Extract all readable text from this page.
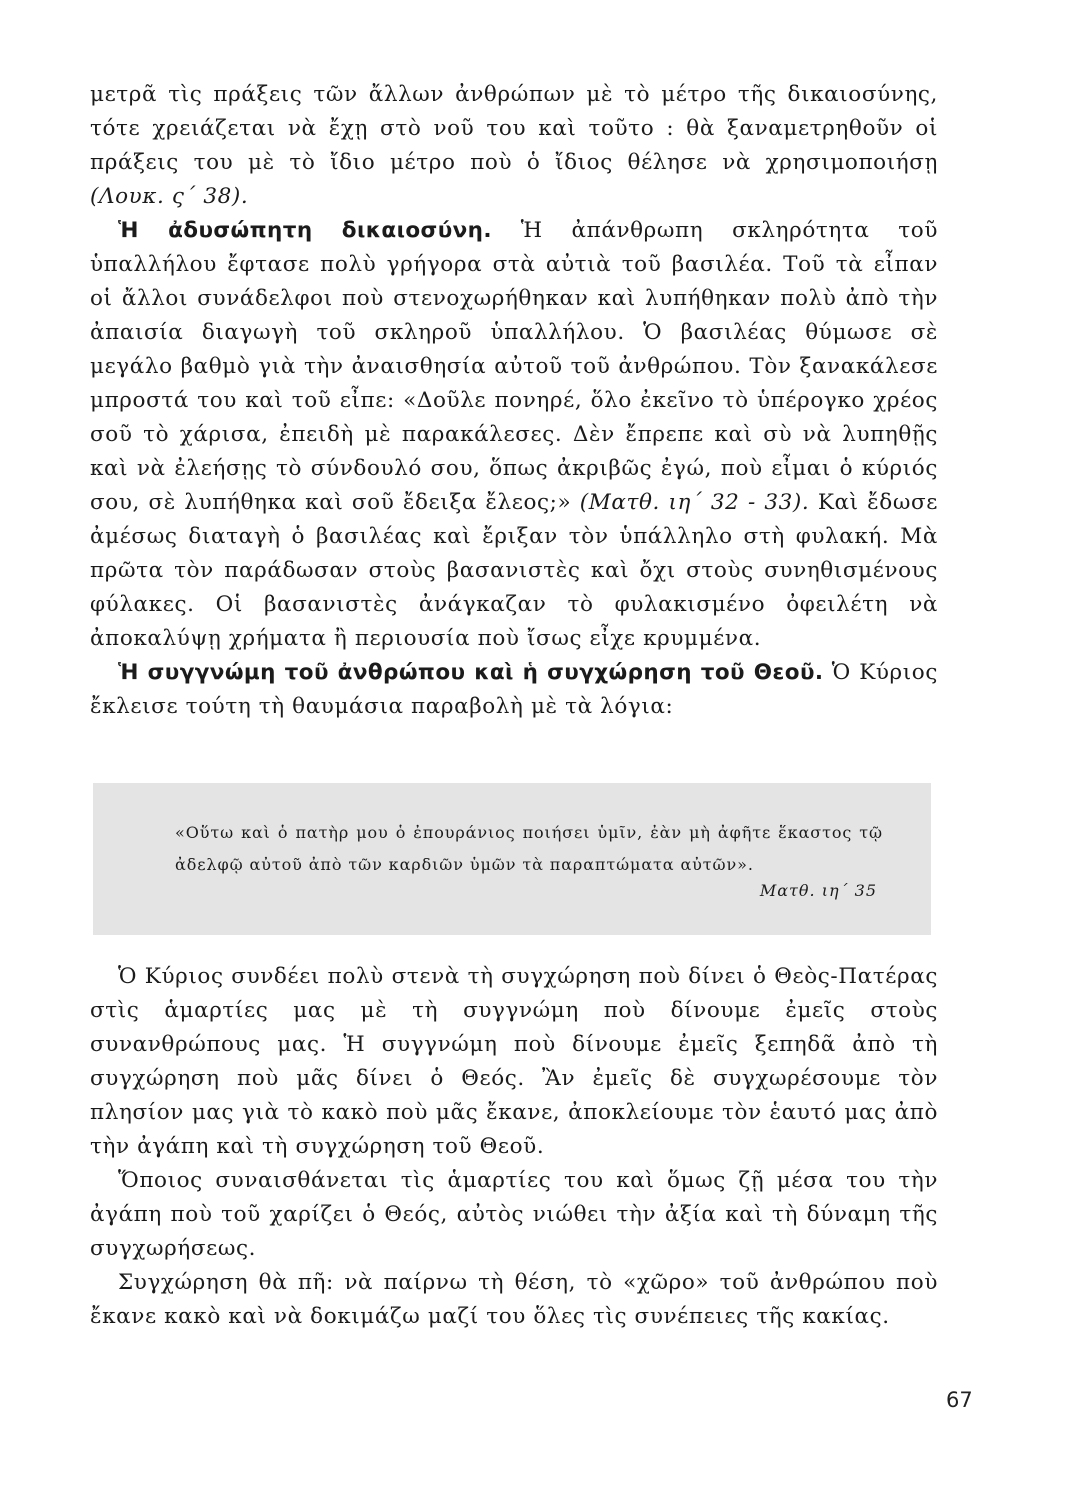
μετρᾶ τὶς πράξεις τῶν ἄλλων ἀνθρώπων μὲ τὸ μέτρο τῆς δικαιοσύνης, τότε χρειάζεται νὰ ἔχῃ στὸ νοῦ του καὶ τοῦτο : θὰ ξαναμετρηθοῦν οἱ πράξεις του μὲ τὸ ἴδιο μέτρο ποὺ ὁ ἴδιος θέλησε νὰ χρησιμοποιήσῃ (Λουκ. ς΄ 38).

Ἡ ἀδυσώπητη δικαιοσύνη. Ἡ ἀπάνθρωπη σκληρότητα τοῦ ὑπαλλήλου ἔφτασε πολὺ γρήγορα στὰ αὐτιὰ τοῦ βασιλέα. Τοῦ τὰ εἶπαν οἱ ἄλλοι συνάδελφοι ποὺ στενοχωρήθηκαν καὶ λυπήθηκαν πολὺ ἀπὸ τὴν ἀπαισία διαγωγὴ τοῦ σκληροῦ ὑπαλλήλου. Ὁ βασιλέας θύμωσε σὲ μεγάλο βαθμὸ γιὰ τὴν ἀναισθησία αὐτοῦ τοῦ ἀνθρώπου. Τὸν ξανακάλεσε μπροστά του καὶ τοῦ εἶπε: «Δοῦλε πονηρέ, ὅλο ἐκεῖνο τὸ ὑπέρογκο χρέος σοῦ τὸ χάρισα, ἐπειδὴ μὲ παρακάλεσες. Δὲν ἔπρεπε καὶ σὺ νὰ λυπηθῇς καὶ νὰ ἐλεήσῃς τὸ σύνδουλό σου, ὅπως ἀκριβῶς ἐγώ, ποὺ εἶμαι ὁ κύριός σου, σὲ λυπήθηκα καὶ σοῦ ἔδειξα ἔλεος;» (Ματθ. ιη΄ 32 - 33). Καὶ ἔδωσε ἀμέσως διαταγὴ ὁ βασιλέας καὶ ἔριξαν τὸν ὑπάλληλο στὴ φυλακή. Μὰ πρῶτα τὸν παράδωσαν στοὺς βασανιστὲς καὶ ὄχι στοὺς συνηθισμένους φύλακες. Οἱ βασανιστὲς ἀνάγκαζαν τὸ φυλακισμένο ὀφειλέτη νὰ ἀποκαλύψῃ χρήματα ἢ περιουσία ποὺ ἴσως εἶχε κρυμμένα.

Ἡ συγγνώμη τοῦ ἀνθρώπου καὶ ἡ συγχώρηση τοῦ Θεοῦ. Ὁ Κύριος ἔκλεισε τούτη τὴ θαυμάσια παραβολὴ μὲ τὰ λόγια:

«Οὕτω καὶ ὁ πατὴρ μου ὁ ἐπουράνιος ποιήσει ὑμῖν, ἐὰν μὴ ἀφῆτε ἕκαστος τῷ ἀδελφῷ αὐτοῦ ἀπὸ τῶν καρδιῶν ὑμῶν τὰ παραπτώματα αὐτῶν».
Ματθ. ιη΄ 35

Ὁ Κύριος συνδέει πολὺ στενὰ τὴ συγχώρηση ποὺ δίνει ὁ Θεὸς-Πατέρας στὶς ἁμαρτίες μας μὲ τὴ συγγνώμη ποὺ δίνουμε ἐμεῖς στοὺς συνανθρώπους μας. Ἡ συγγνώμη ποὺ δίνουμε ἐμεῖς ξεπηδᾶ ἀπὸ τὴ συγχώρηση ποὺ μᾶς δίνει ὁ Θεός. Ἂν ἐμεῖς δὲ συγχωρέσουμε τὸν πλησίον μας γιὰ τὸ κακὸ ποὺ μᾶς ἔκανε, ἀποκλείουμε τὸν ἑαυτό μας ἀπὸ τὴν ἀγάπη καὶ τὴ συγχώρηση τοῦ Θεοῦ.

Ὅποιος συναισθάνεται τὶς ἁμαρτίες του καὶ ὅμως ζῇ μέσα του τὴν ἀγάπη ποὺ τοῦ χαρίζει ὁ Θεός, αὐτὸς νιώθει τὴν ἀξία καὶ τὴ δύναμη τῆς συγχωρήσεως.

Συγχώρηση θὰ πῆ: νὰ παίρνω τὴ θέση, τὸ «χῶρο» τοῦ ἀνθρώπου ποὺ ἔκανε κακὸ καὶ νὰ δοκιμάζω μαζί του ὅλες τὶς συνέπειες τῆς κακίας.

67
